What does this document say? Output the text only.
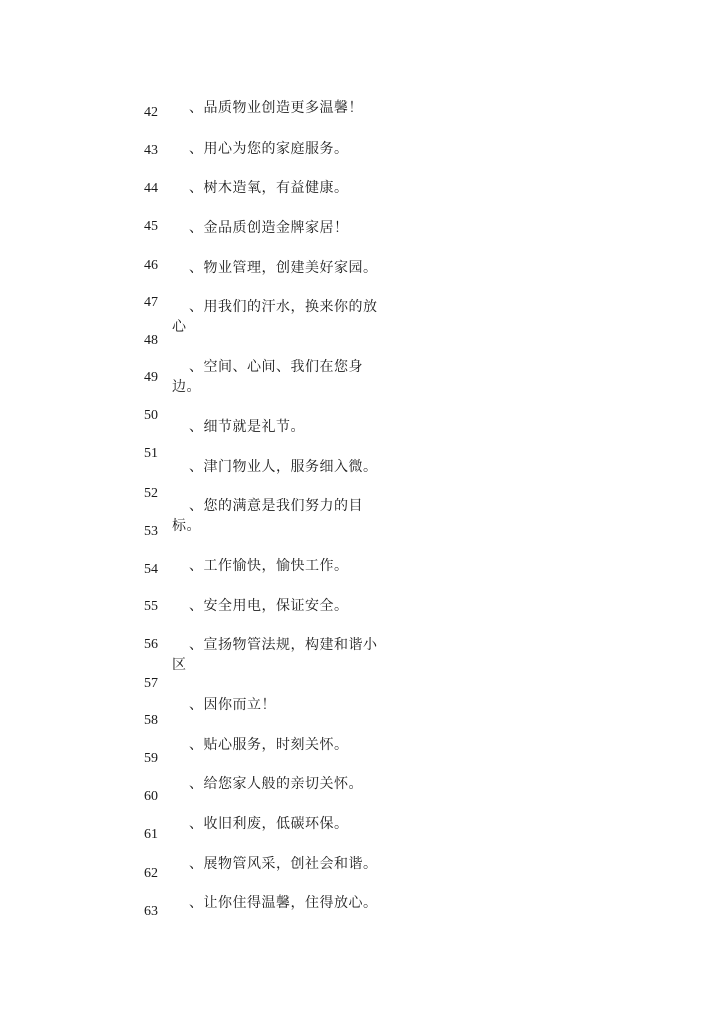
42
43
44
45
46
47
48
49
50
51
52
53
54
55
56
57
58
59
60
61
62
63
、品质物业创造更多温馨！
、用心为您的家庭服务。
、树木造氧，有益健康。
、金品质创造金牌家居！
、物业管理，创建美好家园。
、用我们的汗水，换来你的放
心
、空间、心间、我们在您身
边。
、细节就是礼节。
、津门物业人，服务细入微。
、您的满意是我们努力的目
标。
、工作愉快，愉快工作。
、安全用电，保证安全。
、宣扬物管法规，构建和谐小
区
、因你而立！
、贴心服务，时刻关怀。
、给您家人般的亲切关怀。
、收旧利废，低碳环保。
、展物管风采，创社会和谐。
、让你住得温馨，住得放心。
